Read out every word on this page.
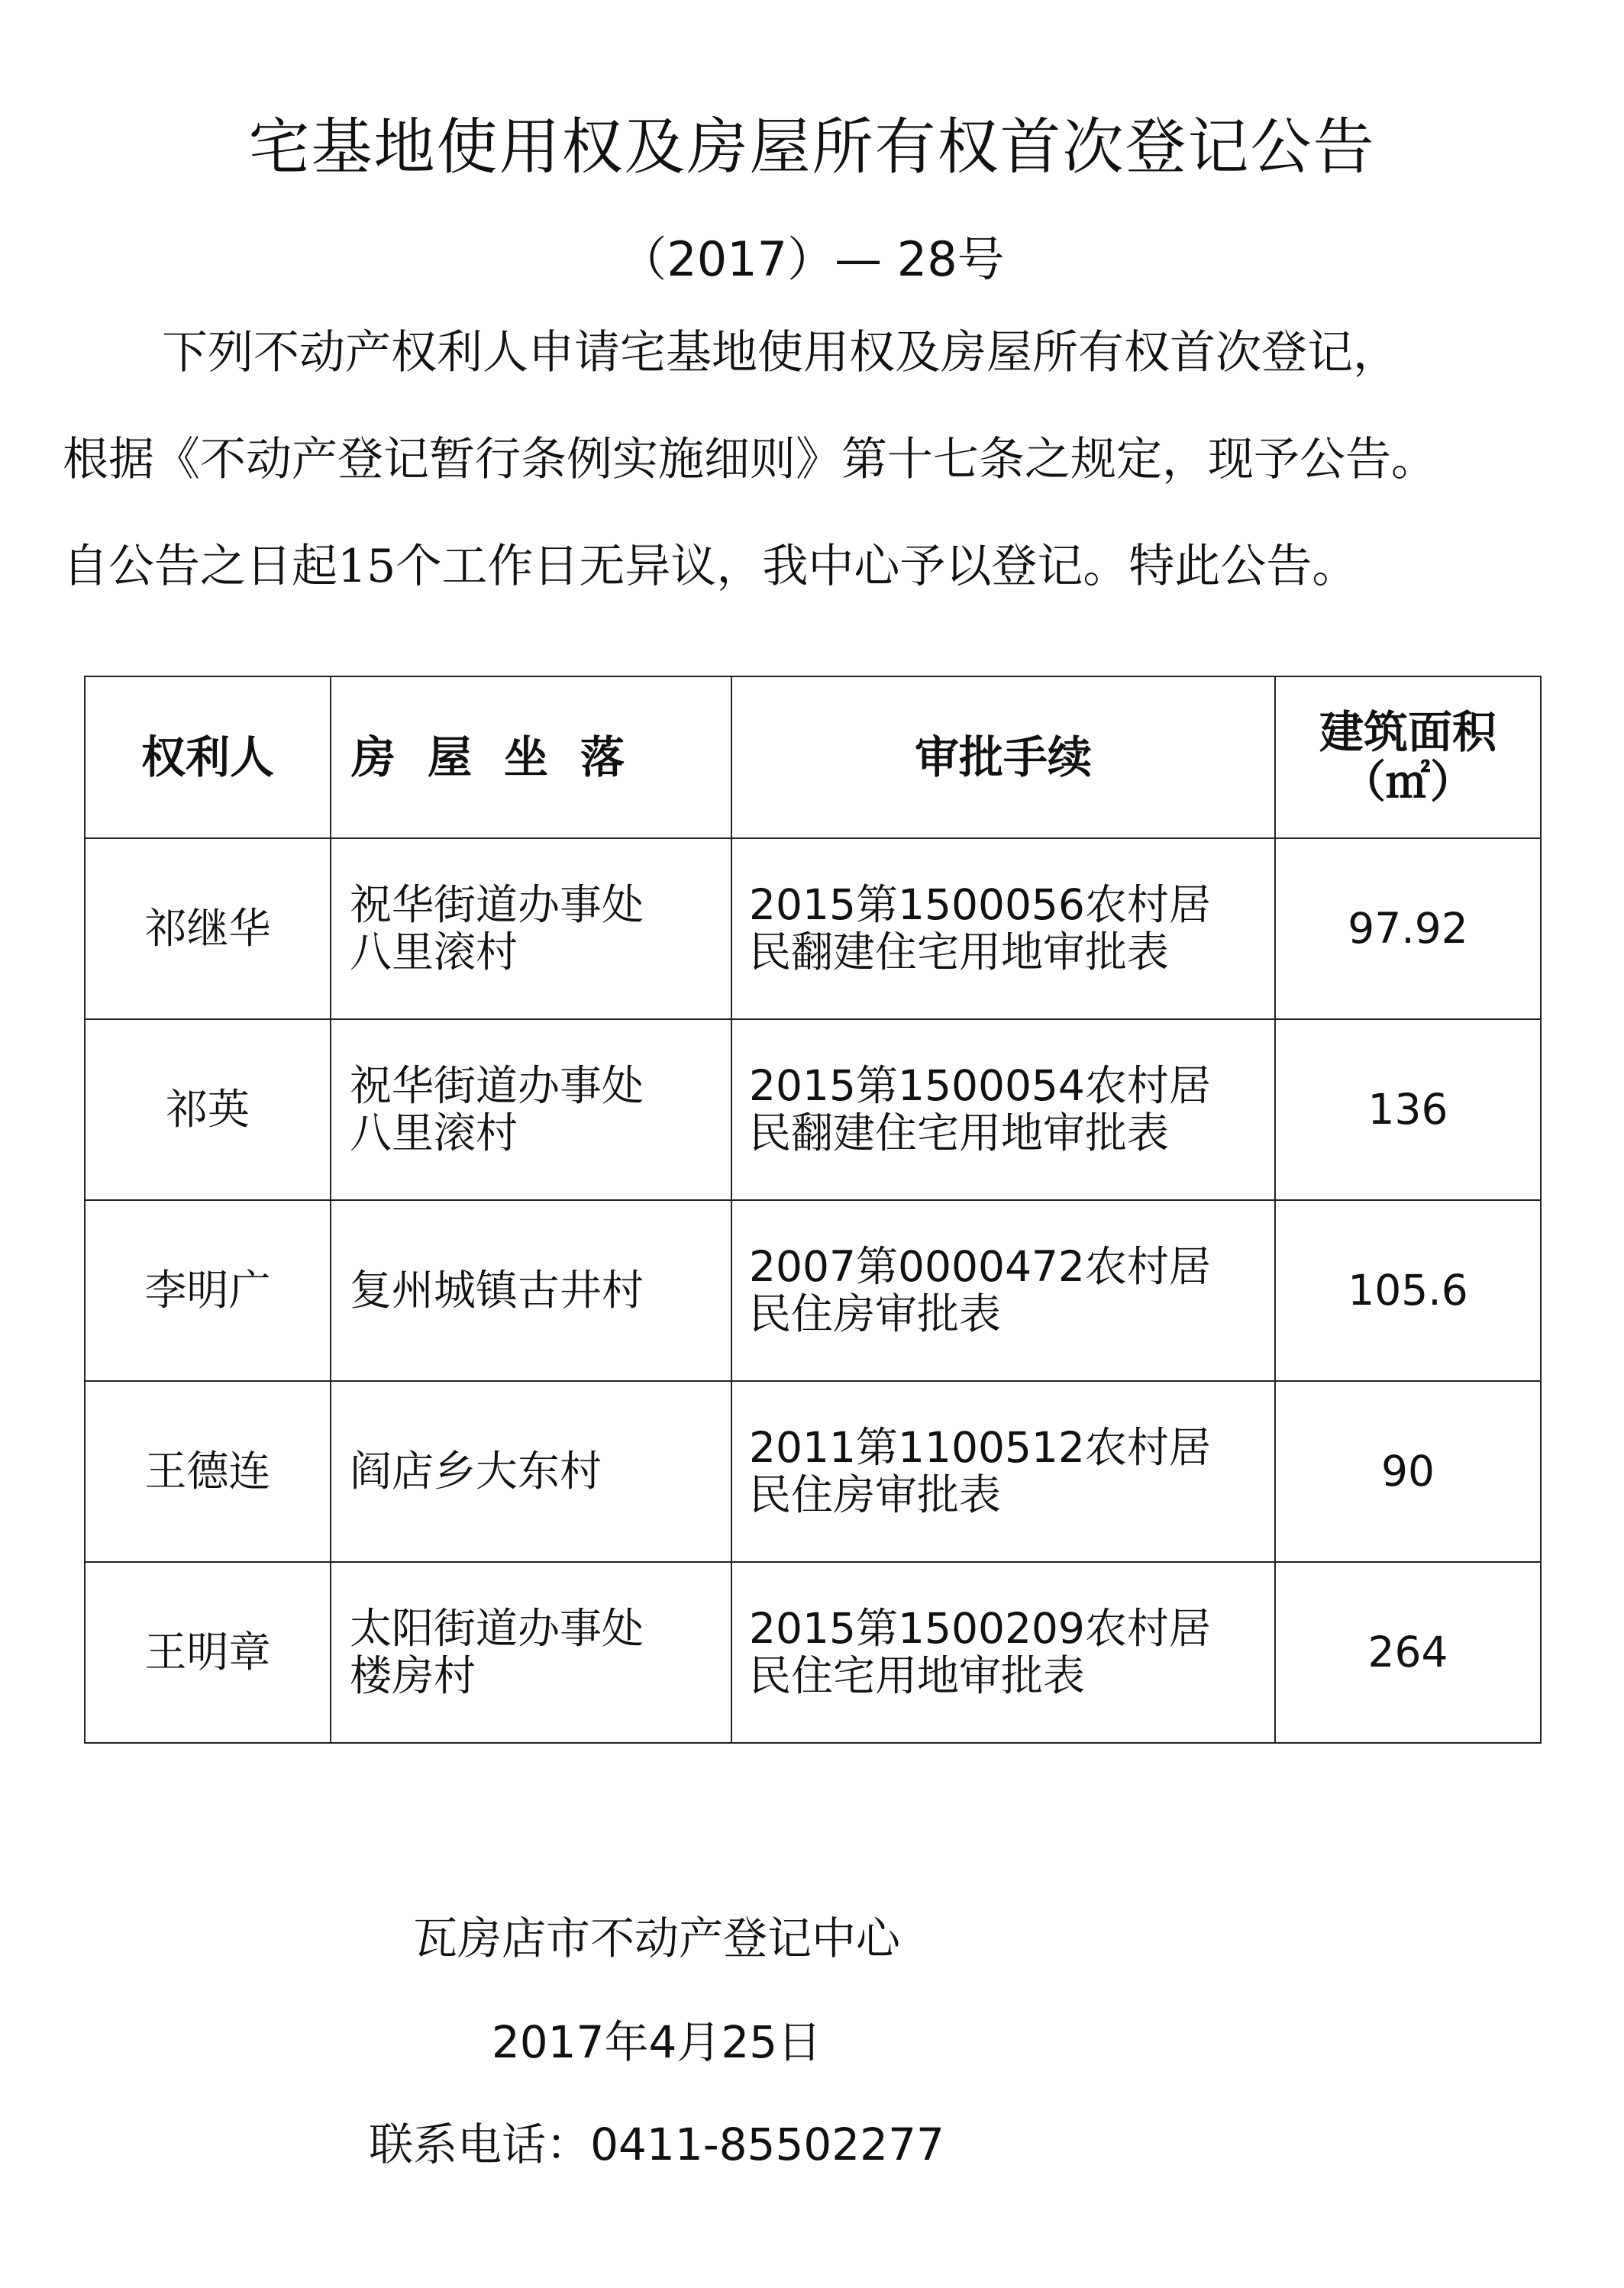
宅基地使用权及房屋所有权首次登记公告
（2017）— 28号
下列不动产权利人申请宅基地使用权及房屋所有权首次登记，
根据《不动产登记暂行条例实施细则》第十七条之规定，现予公告。
自公告之日起15个工作日无异议，我中心予以登记。特此公告。
权利人	房屋坐落	审批手续	建筑面积
（㎡）

祁继华	祝华街道办事处
八里滚村	2015第1500056农村居
民翻建住宅用地审批表	97.92
祁英	祝华街道办事处
八里滚村	2015第1500054农村居
民翻建住宅用地审批表	136
李明广	复州城镇古井村	2007第0000472农村居
民住房审批表	105.6
王德连	阎店乡大东村	2011第1100512农村居
民住房审批表	90
王明章	太阳街道办事处
楼房村	2015第1500209农村居
民住宅用地审批表	264
瓦房店市不动产登记中心
2017年4月25日
联系电话：0411-85502277
